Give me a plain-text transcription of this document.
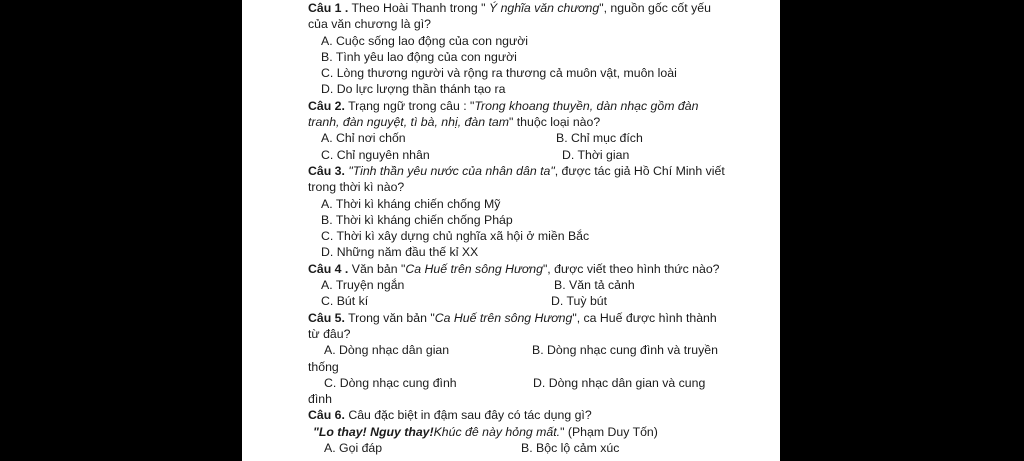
Câu 1 . Theo Hoài Thanh trong " Ý nghĩa văn chương", nguồn gốc cốt yếu
của văn chương là gì?
A. Cuộc sống lao động của con người
B. Tình yêu lao động của con người
C. Lòng thương người và rộng ra thương cả muôn vật, muôn loài
D. Do lực lượng thần thánh tạo ra
Câu 2. Trạng ngữ trong câu : "Trong khoang thuyền, dàn nhạc gồm đàn
tranh, đàn nguyệt, tì bà, nhị, đàn tam" thuộc loại nào?
A. Chỉ nơi chốn	B. Chỉ mục đích
C. Chỉ nguyên nhân	D. Thời gian
Câu 3. "Tinh thần yêu nước của nhân dân ta", được tác giả Hồ Chí Minh viết
trong thời kì nào?
A. Thời kì kháng chiến chống Mỹ
B. Thời kì kháng chiến chống Pháp
C. Thời kì xây dựng chủ nghĩa xã hội ở miền Bắc
D. Những năm đầu thế kỉ XX
Câu 4 . Văn bản "Ca Huế trên sông Hương", được viết theo hình thức nào?
A. Truyện ngắn	B. Văn tả cảnh
C. Bút kí	D. Tuỳ bút
Câu 5. Trong văn bản "Ca Huế trên sông Hương", ca Huế được hình thành
từ đâu?
A. Dòng nhạc dân gian	B. Dòng nhạc cung đình và truyền
thống
C. Dòng nhạc cung đình	D. Dòng nhạc dân gian và cung
đình
Câu 6. Câu đặc biệt in đậm sau đây có tác dụng gì?
"Lo thay! Nguy thay!Khúc đê này hỏng mất." (Phạm Duy Tốn)
A. Gọi đáp	B. Bộc lộ cảm xúc
